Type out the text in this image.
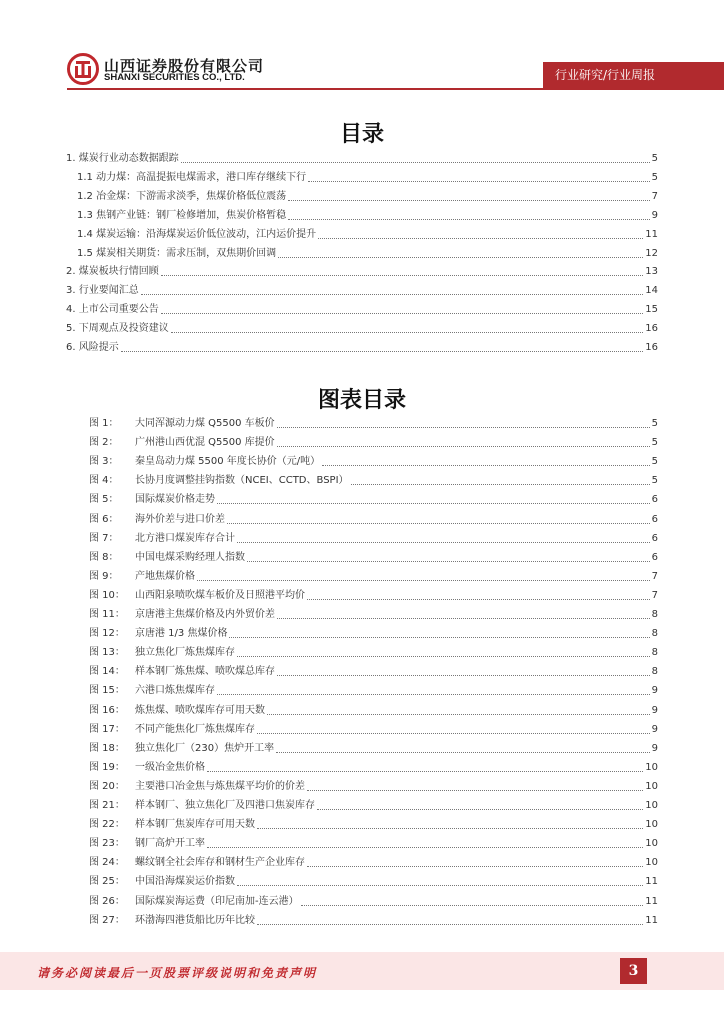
山西证券股份有限公司
SHANXI SECURITIES CO., LTD.	行业研究/行业周报
目录
1. 煤炭行业动态数据跟踪	5
1.1 动力煤：高温提振电煤需求，港口库存继续下行	5
1.2 冶金煤：下游需求淡季，焦煤价格低位震荡	7
1.3 焦钢产业链：钢厂检修增加，焦炭价格暂稳	9
1.4 煤炭运输：沿海煤炭运价低位波动，江内运价提升	11
1.5 煤炭相关期货：需求压制，双焦期价回调	12
2. 煤炭板块行情回顾	13
3. 行业要闻汇总	14
4. 上市公司重要公告	15
5. 下周观点及投资建议	16
6. 风险提示	16
图表目录
图 1： 大同浑源动力煤 Q5500 车板价	5
图 2： 广州港山西优混 Q5500 库提价	5
图 3： 秦皇岛动力煤 5500 年度长协价（元/吨）	5
图 4： 长协月度调整挂钩指数（NCEI、CCTD、BSPI）	5
图 5： 国际煤炭价格走势	6
图 6： 海外价差与进口价差	6
图 7： 北方港口煤炭库存合计	6
图 8： 中国电煤采购经理人指数	6
图 9： 产地焦煤价格	7
图 10： 山西阳泉喷吹煤车板价及日照港平均价	7
图 11： 京唐港主焦煤价格及内外贸价差	8
图 12： 京唐港 1/3 焦煤价格	8
图 13： 独立焦化厂炼焦煤库存	8
图 14： 样本钢厂炼焦煤、喷吹煤总库存	8
图 15： 六港口炼焦煤库存	9
图 16： 炼焦煤、喷吹煤库存可用天数	9
图 17： 不同产能焦化厂炼焦煤库存	9
图 18： 独立焦化厂（230）焦炉开工率	9
图 19： 一级冶金焦价格	10
图 20： 主要港口冶金焦与炼焦煤平均价的价差	10
图 21： 样本钢厂、独立焦化厂及四港口焦炭库存	10
图 22： 样本钢厂焦炭库存可用天数	10
图 23： 钢厂高炉开工率	10
图 24： 螺纹钢全社会库存和钢材生产企业库存	10
图 25： 中国沿海煤炭运价指数	11
图 26： 国际煤炭海运费（印尼南加-连云港）	11
图 27： 环渤海四港货船比历年比较	11
请务必阅读最后一页股票评级说明和免责声明	3
